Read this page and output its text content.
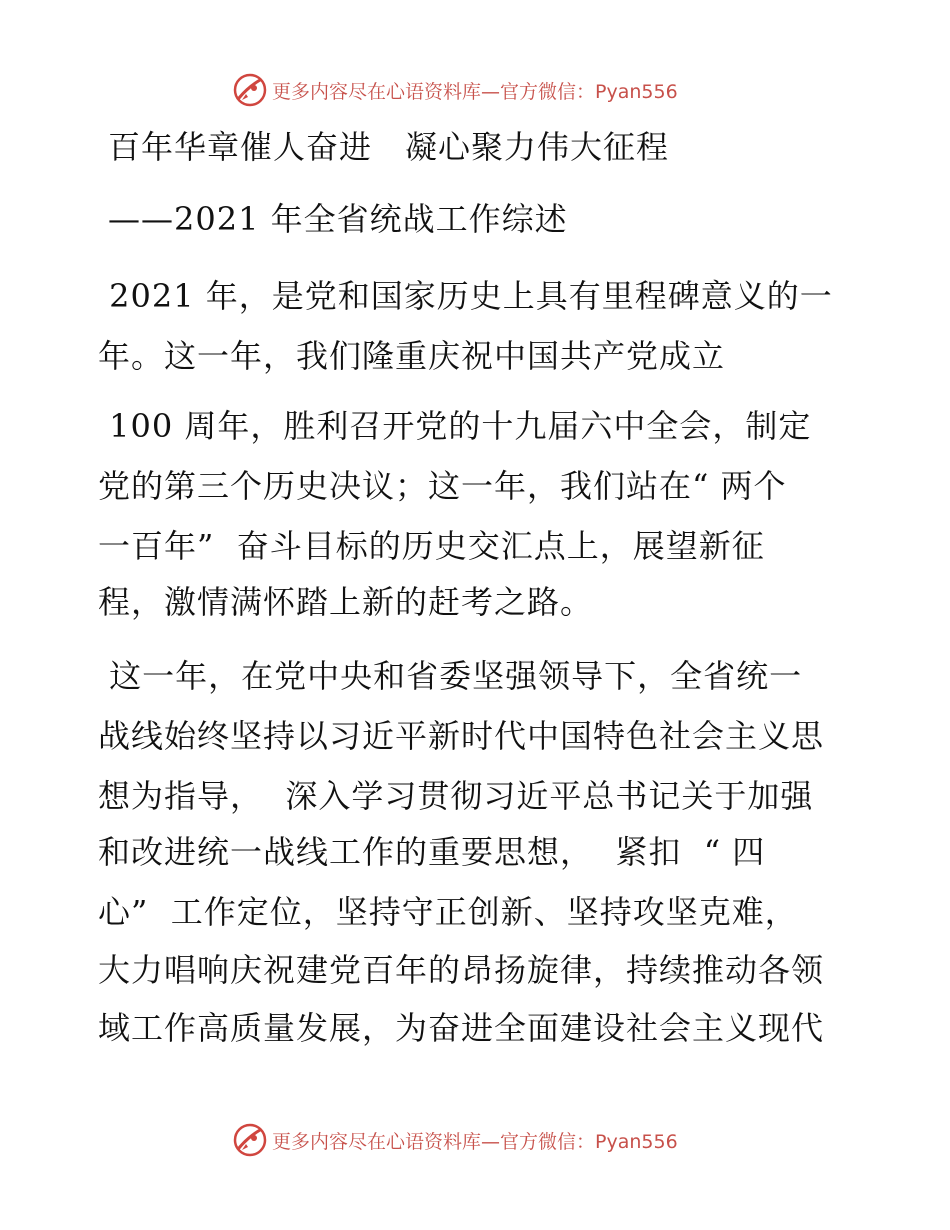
更多内容尽在心语资料库—官方微信：Pyan556

百年华章催人奋进　凝心聚力伟大征程

——2021 年全省统战工作综述

2021 年，是党和国家历史上具有里程碑意义的一

年。这一年，我们隆重庆祝中国共产党成立

100 周年，胜利召开党的十九届六中全会，制定

党的第三个历史决议；这一年，我们站在“ 两个

一百年”  奋斗目标的历史交汇点上，展望新征

程，激情满怀踏上新的赶考之路。

这一年，在党中央和省委坚强领导下，全省统一

战线始终坚持以习近平新时代中国特色社会主义思

想为指导，  深入学习贯彻习近平总书记关于加强

和改进统一战线工作的重要思想，  紧扣  “ 四

心”  工作定位，坚持守正创新、坚持攻坚克难，

大力唱响庆祝建党百年的昂扬旋律，持续推动各领

域工作高质量发展，为奋进全面建设社会主义现代

更多内容尽在心语资料库—官方微信：Pyan556
